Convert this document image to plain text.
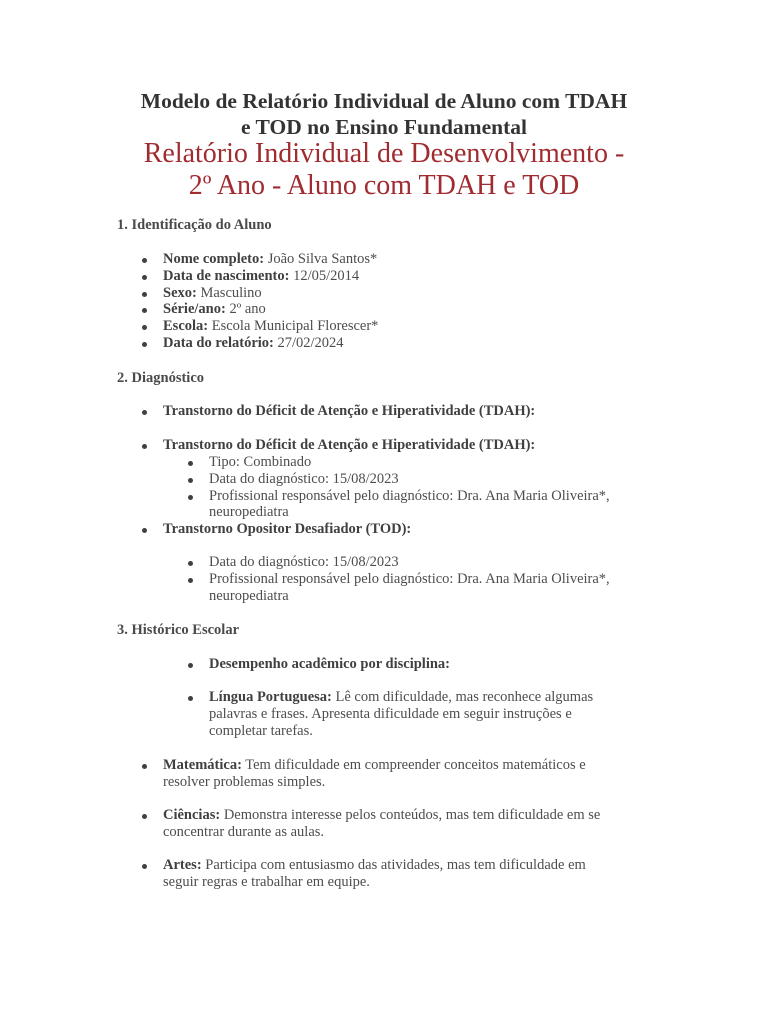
Modelo de Relatório Individual de Aluno com TDAH
e TOD no Ensino Fundamental
Relatório Individual de Desenvolvimento -
2º Ano - Aluno com TDAH e TOD
1. Identificação do Aluno
Nome completo: João Silva Santos*
Data de nascimento: 12/05/2014
Sexo: Masculino
Série/ano: 2º ano
Escola: Escola Municipal Florescer*
Data do relatório: 27/02/2024
2. Diagnóstico
Transtorno do Déficit de Atenção e Hiperatividade (TDAH):
Transtorno do Déficit de Atenção e Hiperatividade (TDAH):
Tipo: Combinado
Data do diagnóstico: 15/08/2023
Profissional responsável pelo diagnóstico: Dra. Ana Maria Oliveira*, neuropediatra
Transtorno Opositor Desafiador (TOD):
Data do diagnóstico: 15/08/2023
Profissional responsável pelo diagnóstico: Dra. Ana Maria Oliveira*, neuropediatra
3. Histórico Escolar
Desempenho acadêmico por disciplina:
Língua Portuguesa: Lê com dificuldade, mas reconhece algumas palavras e frases. Apresenta dificuldade em seguir instruções e completar tarefas.
Matemática: Tem dificuldade em compreender conceitos matemáticos e resolver problemas simples.
Ciências: Demonstra interesse pelos conteúdos, mas tem dificuldade em se concentrar durante as aulas.
Artes: Participa com entusiasmo das atividades, mas tem dificuldade em seguir regras e trabalhar em equipe.
